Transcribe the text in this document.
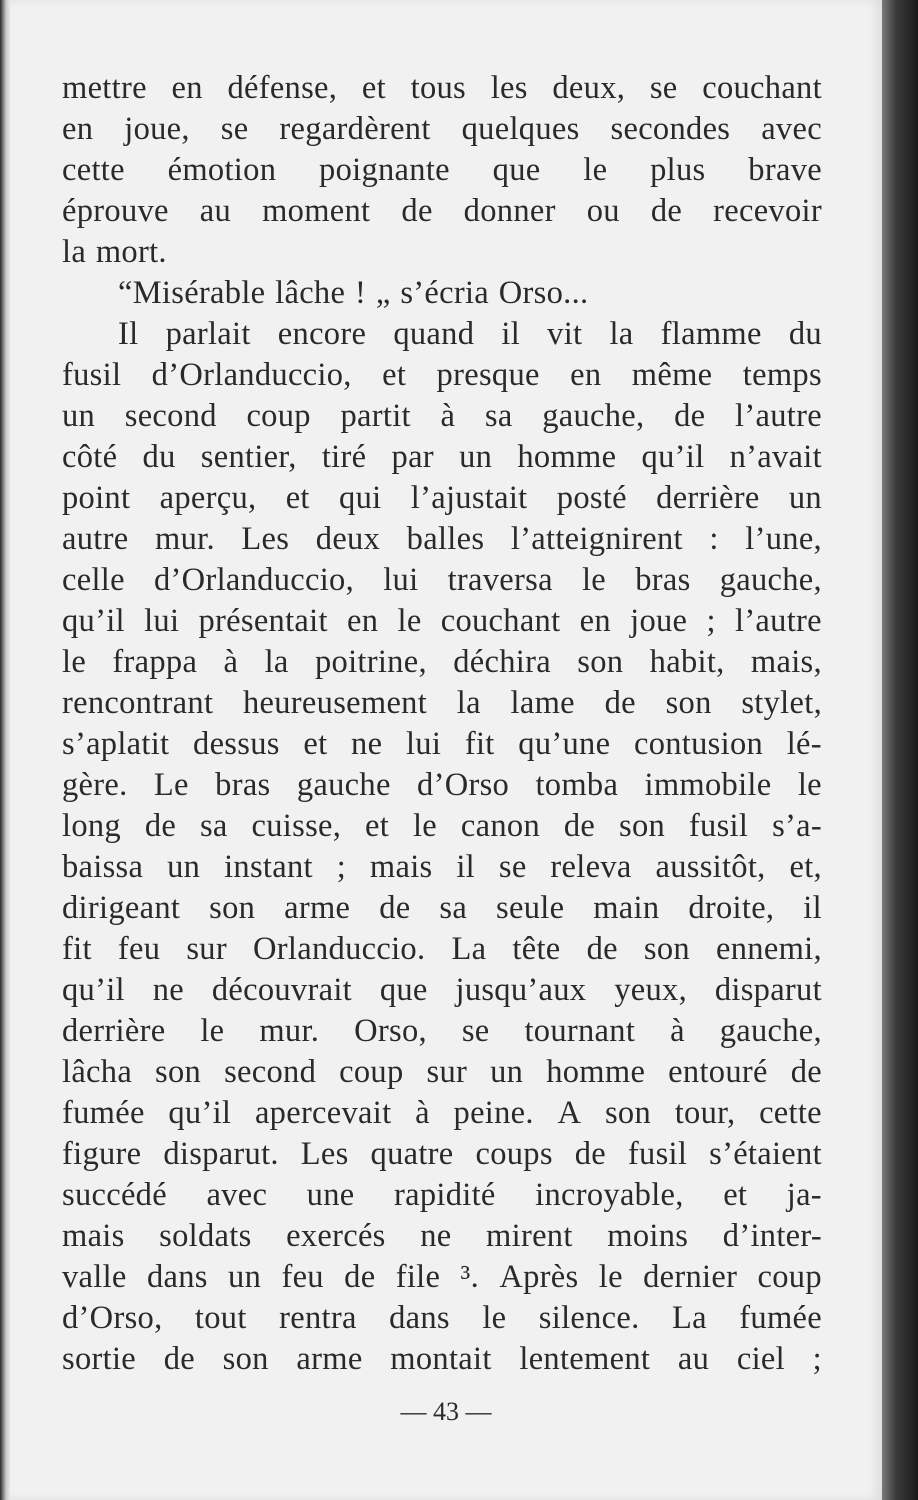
mettre en défense, et tous les deux, se couchant
en joue, se regardèrent quelques secondes avec
cette émotion poignante que le plus brave
éprouve au moment de donner ou de recevoir
la mort.
“Misérable lâche ! „ s’écria Orso...
Il parlait encore quand il vit la flamme du
fusil d’Orlanduccio, et presque en même temps
un second coup partit à sa gauche, de l’autre
côté du sentier, tiré par un homme qu’il n’avait
point aperçu, et qui l’ajustait posté derrière un
autre mur. Les deux balles l’atteignirent : l’une,
celle d’Orlanduccio, lui traversa le bras gauche,
qu’il lui présentait en le couchant en joue ; l’autre
le frappa à la poitrine, déchira son habit, mais,
rencontrant heureusement la lame de son stylet,
s’aplatit dessus et ne lui fit qu’une contusion lé-
gère. Le bras gauche d’Orso tomba immobile le
long de sa cuisse, et le canon de son fusil s’a-
baissa un instant ; mais il se releva aussitôt, et,
dirigeant son arme de sa seule main droite, il
fit feu sur Orlanduccio. La tête de son ennemi,
qu’il ne découvrait que jusqu’aux yeux, disparut
derrière le mur. Orso, se tournant à gauche,
lâcha son second coup sur un homme entouré de
fumée qu’il apercevait à peine. A son tour, cette
figure disparut. Les quatre coups de fusil s’étaient
succédé avec une rapidité incroyable, et ja-
mais soldats exercés ne mirent moins d’inter-
valle dans un feu de file ³. Après le dernier coup
d’Orso, tout rentra dans le silence. La fumée
sortie de son arme montait lentement au ciel ;
— 43 —
